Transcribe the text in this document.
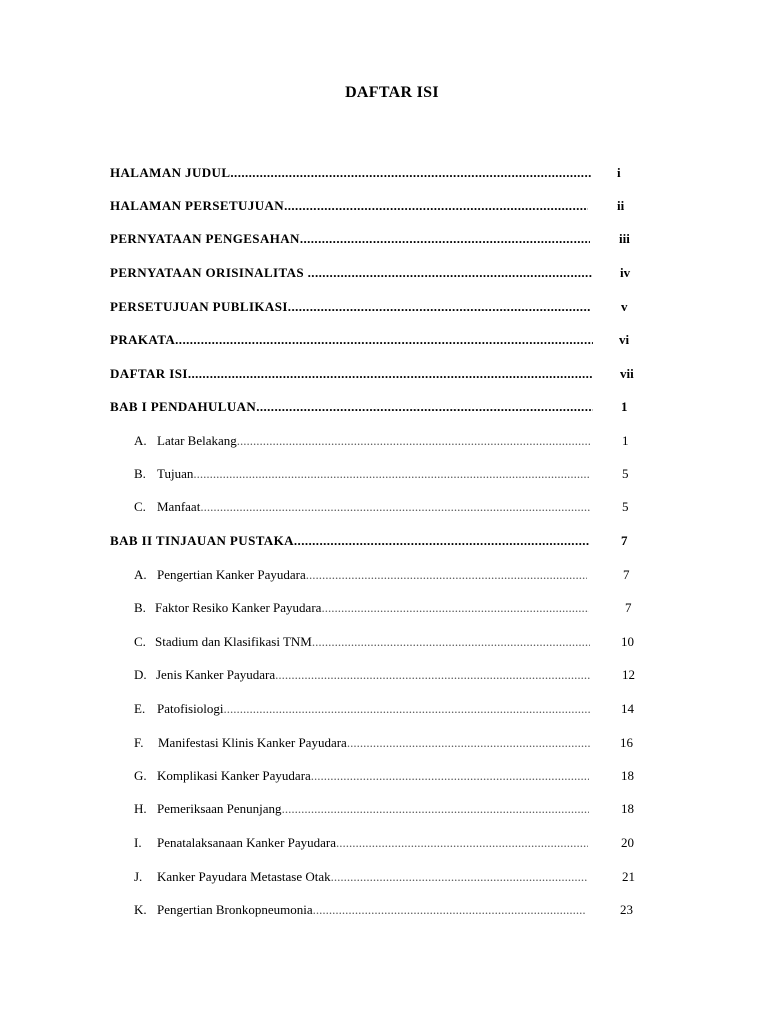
DAFTAR ISI
HALAMAN JUDUL .....	i
HALAMAN PERSETUJUAN .....	ii
PERNYATAAN PENGESAHAN .....	iii
PERNYATAAN ORISINALITAS .....	iv
PERSETUJUAN PUBLIKASI .....	v
PRAKATA .....	vi
DAFTAR ISI .....	vii
BAB I PENDAHULUAN .....	1
A. Latar Belakang .....	1
B. Tujuan .....	5
C. Manfaat .....	5
BAB II TINJAUAN PUSTAKA .....	7
A. Pengertian Kanker Payudara .....	7
B. Faktor Resiko Kanker Payudara .....	7
C. Stadium dan Klasifikasi TNM .....	10
D. Jenis Kanker Payudara .....	12
E. Patofisiologi .....	14
F. Manifestasi Klinis Kanker Payudara .....	16
G. Komplikasi Kanker Payudara .....	18
H. Pemeriksaan Penunjang .....	18
I. Penatalaksanaan Kanker Payudara .....	20
J. Kanker Payudara Metastase Otak .....	21
K. Pengertian Bronkopneumonia .....	23
